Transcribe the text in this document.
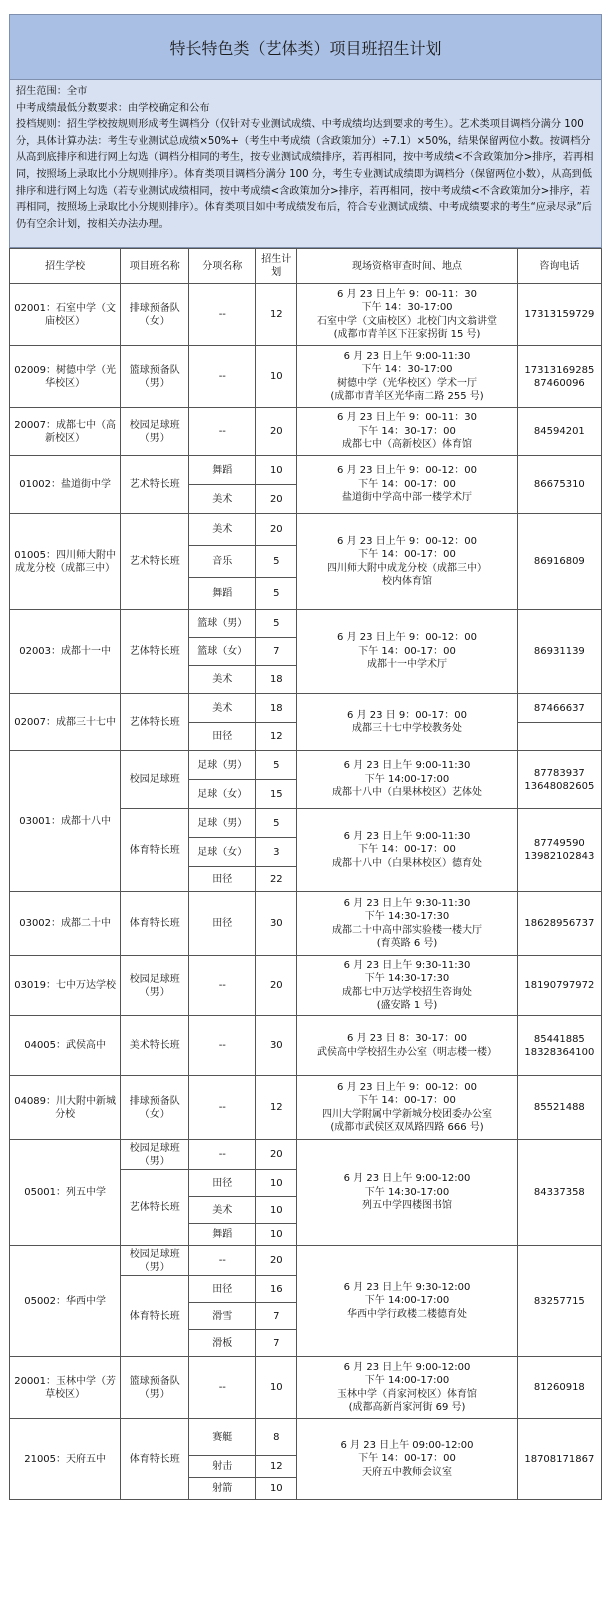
特长特色类（艺体类）项目班招生计划

招生范围：全市

中考成绩最低分数要求：由学校确定和公布

投档规则：招生学校按规则形成考生调档分（仅针对专业测试成绩、中考成绩均达到要求的考生）。艺术类项目调档分满分 100 分，具体计算办法：考生专业测试总成绩×50%+（考生中考成绩（含政策加分）÷7.1）×50%，结果保留两位小数。按调档分从高到底排序和进行网上勾选（调档分相同的考生，按专业测试成绩排序，若再相同，按中考成绩<不含政策加分>排序，若再相同，按照场上录取比小分规则排序）。体育类项目调档分满分 100 分，考生专业测试成绩即为调档分（保留两位小数），从高到低排序和进行网上勾选（若专业测试成绩相同，按中考成绩<含政策加分>排序，若再相同，按中考成绩<不含政策加分>排序，若再相同，按照场上录取比小分规则排序）。体育类项目如中考成绩发布后，符合专业测试成绩、中考成绩要求的考生“应录尽录”后仍有空余计划，按相关办法办理。

招生学校	项目班名称	分项名称	招生计划	现场资格审查时间、地点	咨询电话
02001：石室中学（文庙校区）	排球预备队（女）	--	12	6 月 23 日上午 9：00-11：30
下午 14：30-17:00
石室中学（文庙校区）北校门内文翁讲堂
(成都市青羊区下汪家拐街 15 号)	17313159729
02009：树德中学（光华校区）	篮球预备队（男）	--	10	6 月 23 日上午 9:00-11:30
下午 14：30-17:00
树德中学（光华校区）学术一厅
(成都市青羊区光华南二路 255 号)	17313169285
87460096
20007：成都七中（高新校区）	校园足球班（男）	--	20	6 月 23 日上午 9：00-11：30
下午 14：30-17：00
成都七中（高新校区）体育馆	84594201
01002：盐道街中学	艺术特长班	舞蹈	10	6 月 23 日上午 9：00-12：00
下午 14：00-17：00
盐道街中学高中部一楼学术厅	86675310
		美术	20		
01005：四川师大附中成龙分校（成都三中）	艺术特长班	美术	20	6 月 23 日上午 9：00-12：00
下午 14：00-17：00
四川师大附中成龙分校（成都三中）
校内体育馆	86916809
		音乐	5		
		舞蹈	5		
02003：成都十一中	艺体特长班	篮球（男）	5	6 月 23 日上午 9：00-12：00
下午 14：00-17：00
成都十一中学术厅	86931139
		篮球（女）	7		
		美术	18		
02007：成都三十七中	艺体特长班	美术	18	6 月 23 日 9：00-17：00
成都三十七中学校教务处	87466637
		田径	12		
03001：成都十八中	校园足球班	足球（男）	5	6 月 23 日上午 9:00-11:30
下午 14:00-17:00
成都十八中（白果林校区）艺体处	87783937
13648082605
		足球（女）	15		
	体育特长班	足球（男）	5	6 月 23 日上午 9:00-11:30
下午 14：00-17：00
成都十八中（白果林校区）德育处	87749590
13982102843
		足球（女）	3		
		田径	22		
03002：成都二十中	体育特长班	田径	30	6 月 23 日上午 9:30-11:30
下午 14:30-17:30
成都二十中高中部实验楼一楼大厅
(育英路 6 号)	18628956737
03019：七中万达学校	校园足球班（男）	--	20	6 月 23 日上午 9:30-11:30
下午 14:30-17:30
成都七中万达学校招生咨询处
(盛安路 1 号)	18190797972
04005：武侯高中	美术特长班	--	30	6 月 23 日 8：30-17：00
武侯高中学校招生办公室（明志楼一楼）	85441885
18328364100
04089：川大附中新城分校	排球预备队（女）	--	12	6 月 23 日上午 9：00-12：00
下午 14：00-17：00
四川大学附属中学新城分校团委办公室
(成都市武侯区双凤路四路 666 号)	85521488
05001：列五中学	校园足球班（男）	--	20	6 月 23 日上午 9:00-12:00
下午 14:30-17:00
列五中学四楼图书馆	84337358
	艺体特长班	田径	10		
		美术	10		
		舞蹈	10		
05002：华西中学	校园足球班（男）	--	20	6 月 23 日上午 9:30-12:00
下午 14:00-17:00
华西中学行政楼二楼德育处	83257715
	体育特长班	田径	16		
		滑雪	7		
		滑板	7		
20001：玉林中学（芳草校区）	篮球预备队（男）	--	10	6 月 23 日上午 9:00-12:00
下午 14:00-17:00
玉林中学（肖家河校区）体育馆
(成都高新肖家河街 69 号)	81260918
21005：天府五中	体育特长班	赛艇	8	6 月 23 日上午 09:00-12:00
下午 14：00-17：00
天府五中教师会议室	18708171867
		射击	12		
		射箭	10		
